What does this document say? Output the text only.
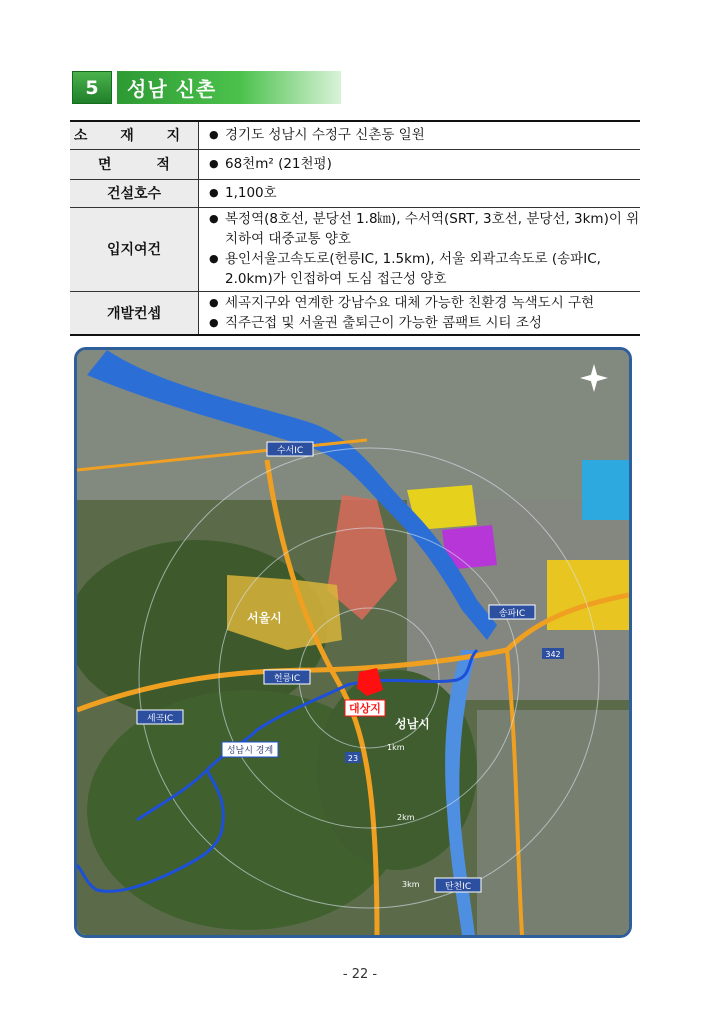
5	성남 신촌
소 재 지	● 경기도 성남시 수정구 신촌동 일원

면 적	● 68천m² (21천평)

건설호수	● 1,100호

입지여건	● 복정역(8호선, 분당선 1.8㎞), 수서역(SRT, 3호선, 분당선, 3km)이 위치하여 대중교통 양호
● 용인서울고속도로(헌릉IC, 1.5km), 서울 외곽고속도로 (송파IC, 2.0km)가 인접하여 도심 접근성 양호

개발컨셉	● 세곡지구와 연계한 강남수요 대체 가능한 친환경 녹색도시 구현
● 직주근접 및 서울권 출퇴근이 가능한 콤팩트 시티 조성
수서IC
송파IC
헌릉IC
세곡IC
탄천IC
서울시
성남시
대상지
성남시 경계	1km
2km
3km
342
23
- 22 -
